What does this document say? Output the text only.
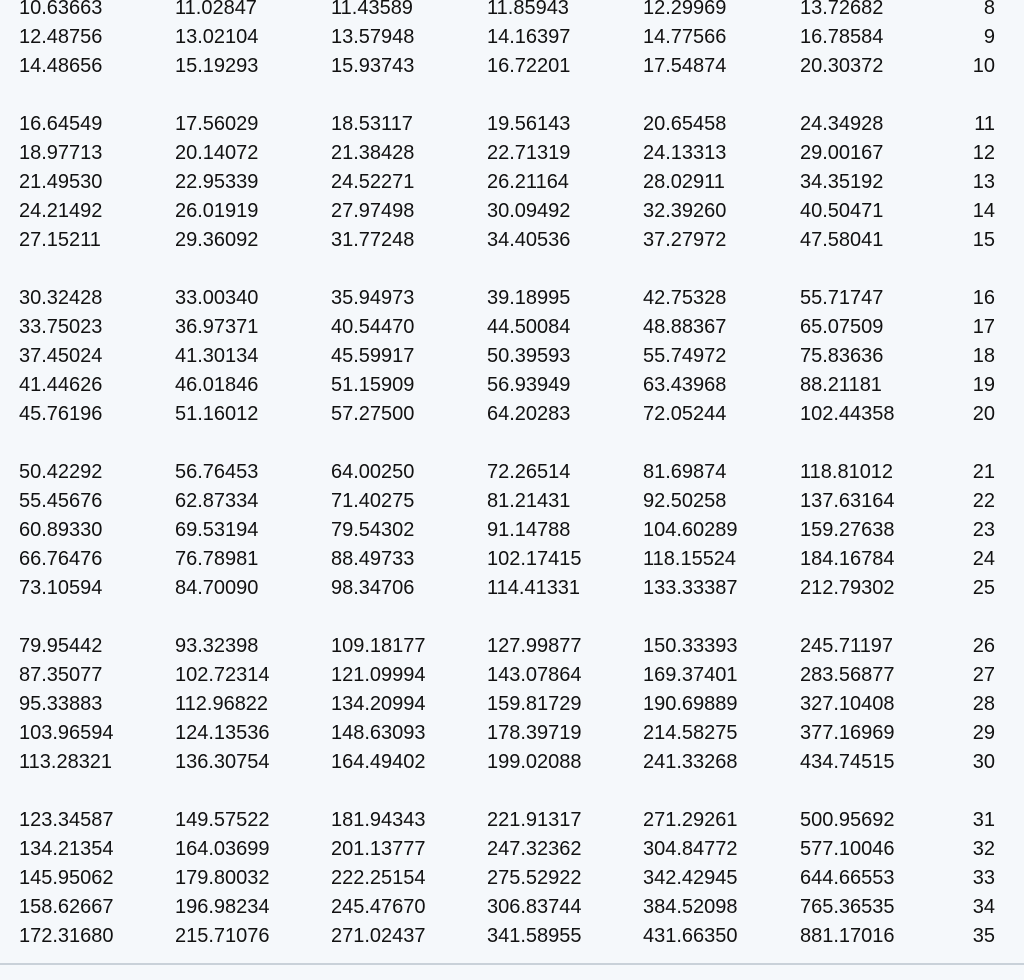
10.63663	11.02847	11.43589	11.85943	12.29969	13.72682	8
12.48756	13.02104	13.57948	14.16397	14.77566	16.78584	9
14.48656	15.19293	15.93743	16.72201	17.54874	20.30372	10
16.64549	17.56029	18.53117	19.56143	20.65458	24.34928	11
18.97713	20.14072	21.38428	22.71319	24.13313	29.00167	12
21.49530	22.95339	24.52271	26.21164	28.02911	34.35192	13
24.21492	26.01919	27.97498	30.09492	32.39260	40.50471	14
27.15211	29.36092	31.77248	34.40536	37.27972	47.58041	15
30.32428	33.00340	35.94973	39.18995	42.75328	55.71747	16
33.75023	36.97371	40.54470	44.50084	48.88367	65.07509	17
37.45024	41.30134	45.59917	50.39593	55.74972	75.83636	18
41.44626	46.01846	51.15909	56.93949	63.43968	88.21181	19
45.76196	51.16012	57.27500	64.20283	72.05244	102.44358	20
50.42292	56.76453	64.00250	72.26514	81.69874	118.81012	21
55.45676	62.87334	71.40275	81.21431	92.50258	137.63164	22
60.89330	69.53194	79.54302	91.14788	104.60289	159.27638	23
66.76476	76.78981	88.49733	102.17415	118.15524	184.16784	24
73.10594	84.70090	98.34706	114.41331	133.33387	212.79302	25
79.95442	93.32398	109.18177	127.99877	150.33393	245.71197	26
87.35077	102.72314	121.09994	143.07864	169.37401	283.56877	27
95.33883	112.96822	134.20994	159.81729	190.69889	327.10408	28
103.96594	124.13536	148.63093	178.39719	214.58275	377.16969	29
113.28321	136.30754	164.49402	199.02088	241.33268	434.74515	30
123.34587	149.57522	181.94343	221.91317	271.29261	500.95692	31
134.21354	164.03699	201.13777	247.32362	304.84772	577.10046	32
145.95062	179.80032	222.25154	275.52922	342.42945	644.66553	33
158.62667	196.98234	245.47670	306.83744	384.52098	765.36535	34
172.31680	215.71076	271.02437	341.58955	431.66350	881.17016	35
